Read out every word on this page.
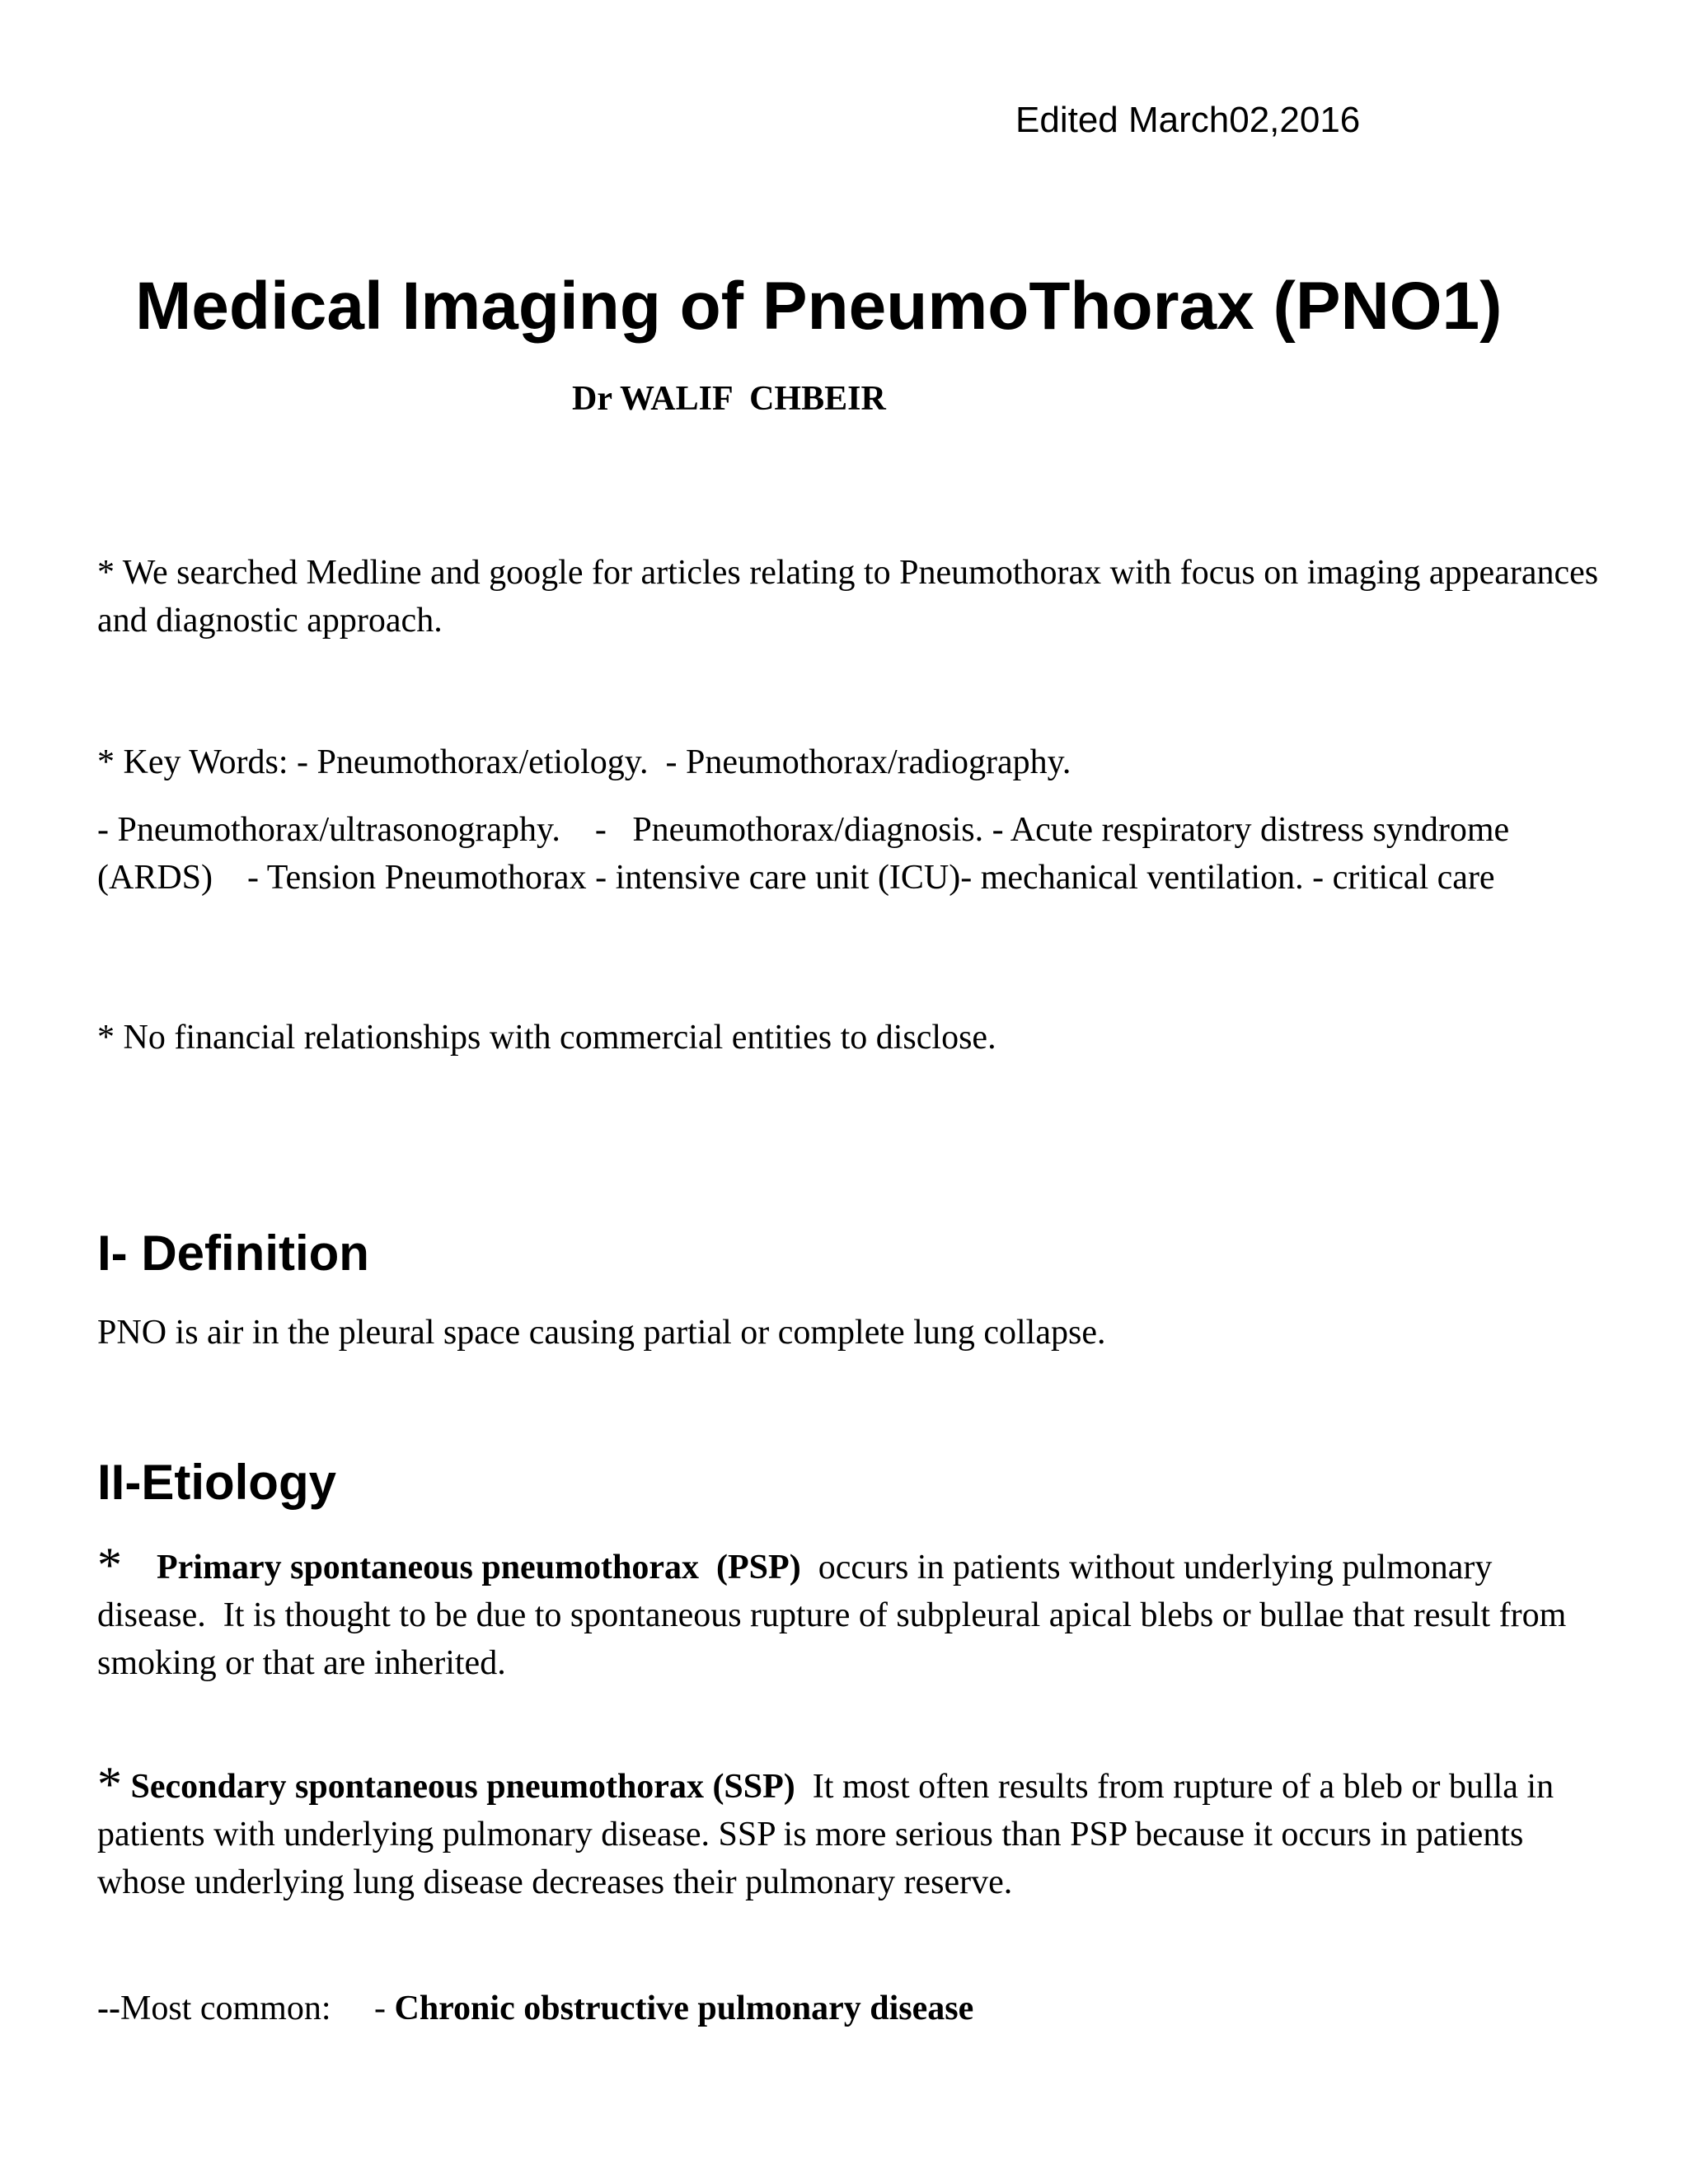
Edited March02,2016

Medical Imaging of PneumoThorax (PNO1)

Dr WALIF  CHBEIR

* We searched Medline and google for articles relating to Pneumothorax with focus on imaging appearances and diagnostic approach.

* Key Words: - Pneumothorax/etiology.  - Pneumothorax/radiography.

- Pneumothorax/ultrasonography.    -   Pneumothorax/diagnosis. - Acute respiratory distress syndrome (ARDS)    - Tension Pneumothorax - intensive care unit (ICU)- mechanical ventilation. - critical care

* No financial relationships with commercial entities to disclose.

I- Definition

PNO is air in the pleural space causing partial or complete lung collapse.

II-Etiology

* Primary spontaneous pneumothorax  (PSP)  occurs in patients without underlying pulmonary disease.  It is thought to be due to spontaneous rupture of subpleural apical blebs or bullae that result from smoking or that are inherited.

* Secondary spontaneous pneumothorax (SSP)  It most often results from rupture of a bleb or bulla in patients with underlying pulmonary disease. SSP is more serious than PSP because it occurs in patients whose underlying lung disease decreases their pulmonary reserve.

--Most common:     - Chronic obstructive pulmonary disease
